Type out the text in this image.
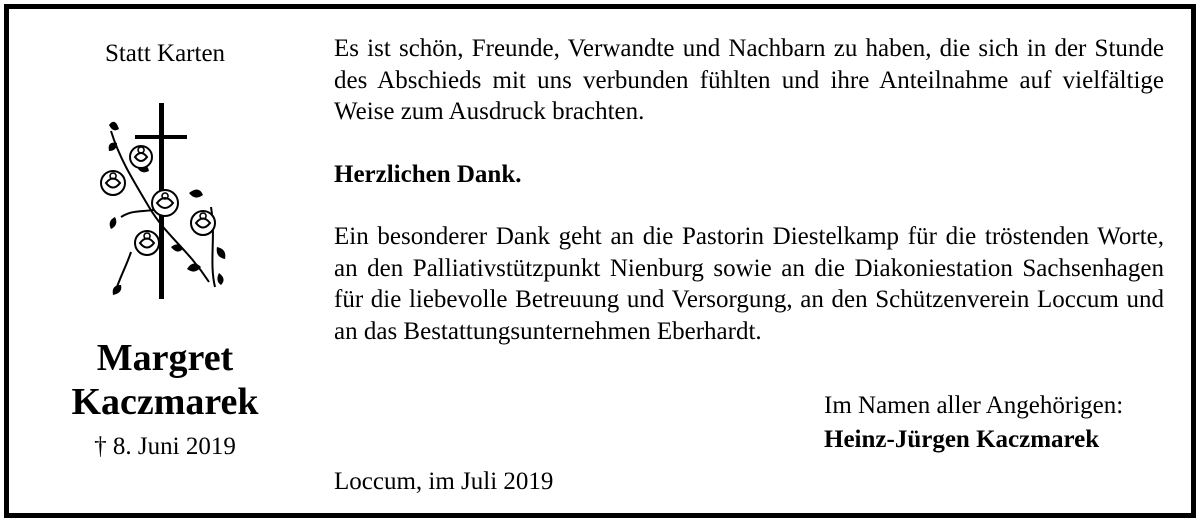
Statt Karten
Margret
Kaczmarek
† 8. Juni 2019

Es ist schön, Freunde, Verwandte und Nachbarn zu haben, die sich in der Stunde des Abschieds mit uns verbunden fühlten und ihre Anteilnahme auf vielfältige Weise zum Ausdruck brachten.

Herzlichen Dank.

Ein besonderer Dank geht an die Pastorin Diestelkamp für die tröstenden Worte, an den Palliativstützpunkt Nienburg sowie an die Diakoniestation Sachsenhagen für die liebevolle Betreuung und Versorgung, an den Schützenverein Loccum und an das Bestattungsunternehmen Eberhardt.

Im Namen aller Angehörigen:
Heinz-Jürgen Kaczmarek
Loccum, im Juli 2019
